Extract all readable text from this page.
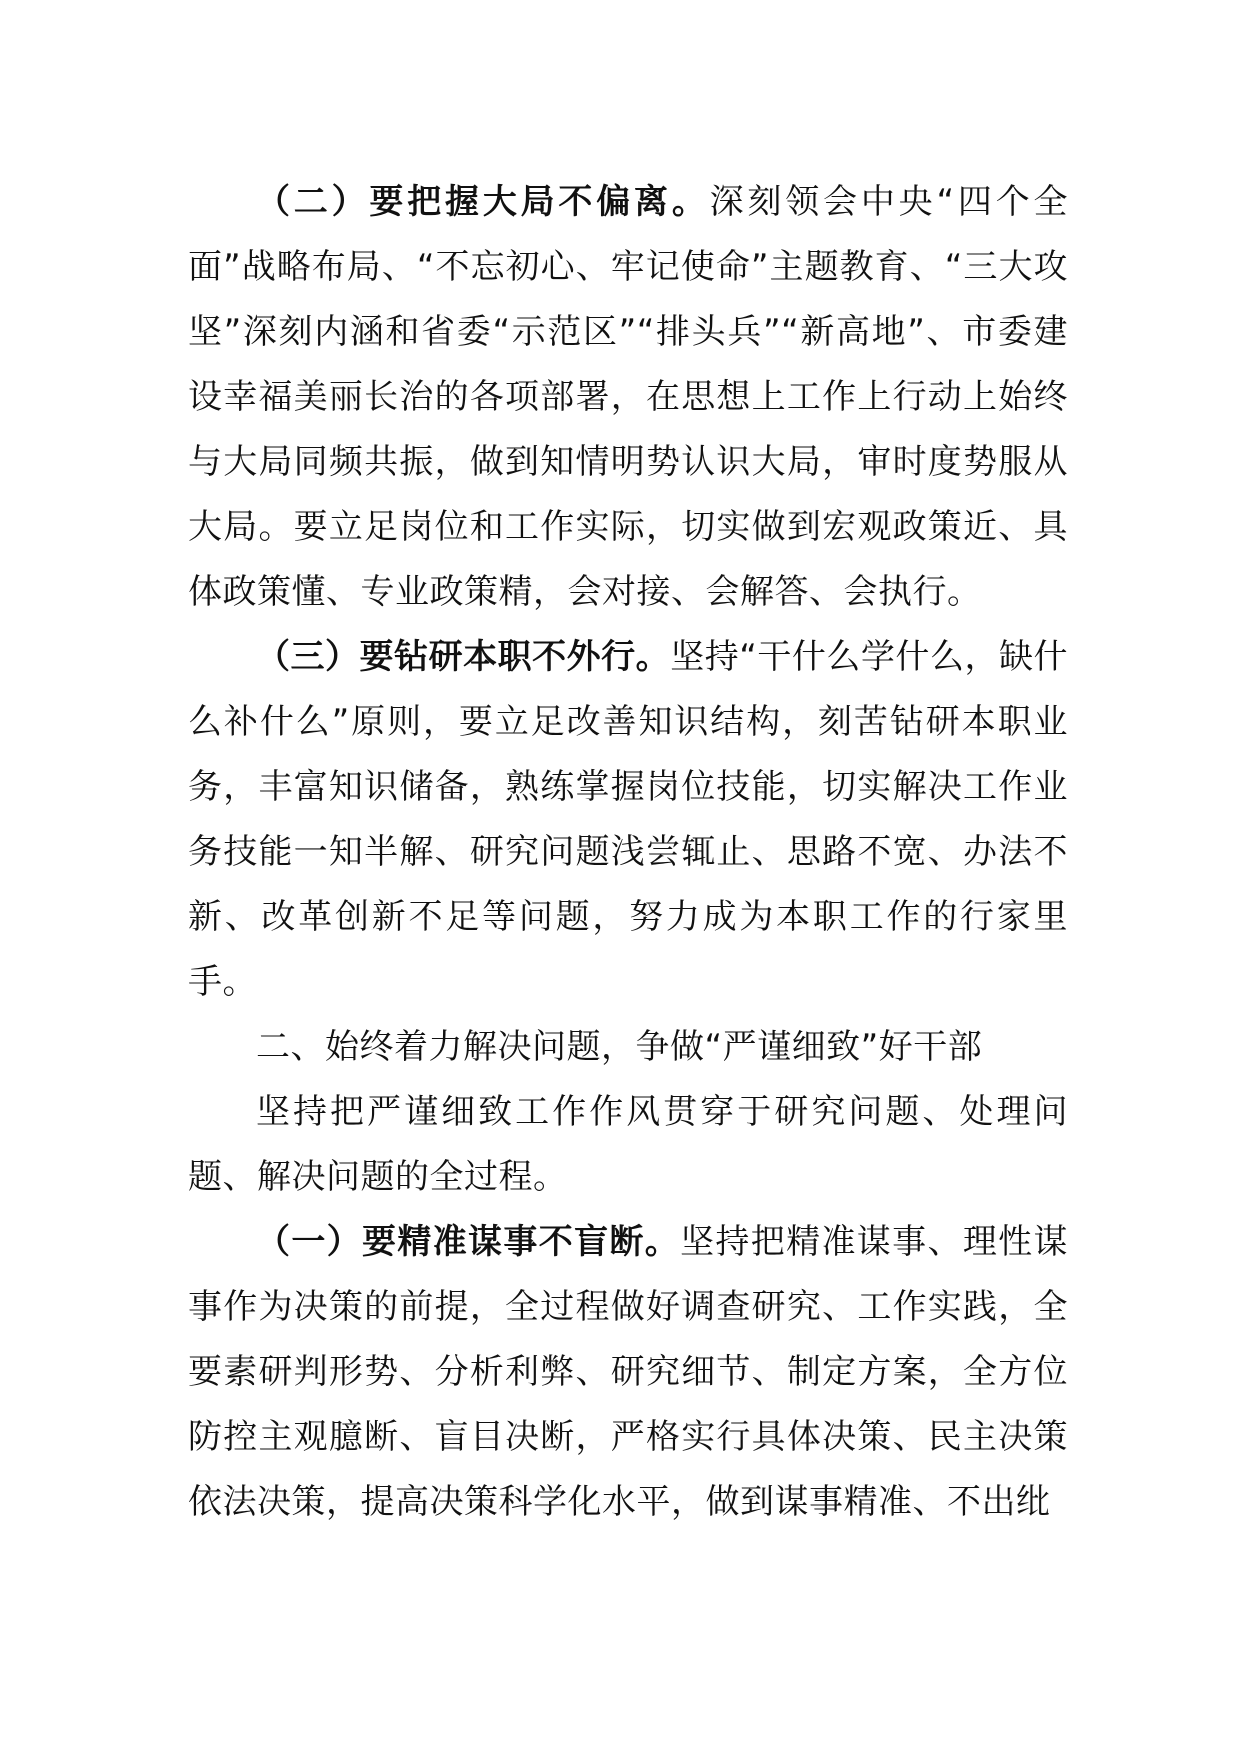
（二）要把握大局不偏离。深刻领会中央“四个全面”战略布局、“不忘初心、牢记使命”主题教育、“三大攻坚”深刻内涵和省委“示范区”“排头兵”“新高地”、市委建设幸福美丽长治的各项部署，在思想上工作上行动上始终与大局同频共振，做到知情明势认识大局，审时度势服从大局。要立足岗位和工作实际，切实做到宏观政策近、具体政策懂、专业政策精，会对接、会解答、会执行。

（三）要钻研本职不外行。坚持“干什么学什么，缺什么补什么”原则，要立足改善知识结构，刻苦钻研本职业务，丰富知识储备，熟练掌握岗位技能，切实解决工作业务技能一知半解、研究问题浅尝辄止、思路不宽、办法不新、改革创新不足等问题，努力成为本职工作的行家里手。

二、始终着力解决问题，争做“严谨细致”好干部

坚持把严谨细致工作作风贯穿于研究问题、处理问题、解决问题的全过程。

（一）要精准谋事不盲断。坚持把精准谋事、理性谋事作为决策的前提，全过程做好调查研究、工作实践，全要素研判形势、分析利弊、研究细节、制定方案，全方位防控主观臆断、盲目决断，严格实行具体决策、民主决策依法决策，提高决策科学化水平，做到谋事精准、不出纰
